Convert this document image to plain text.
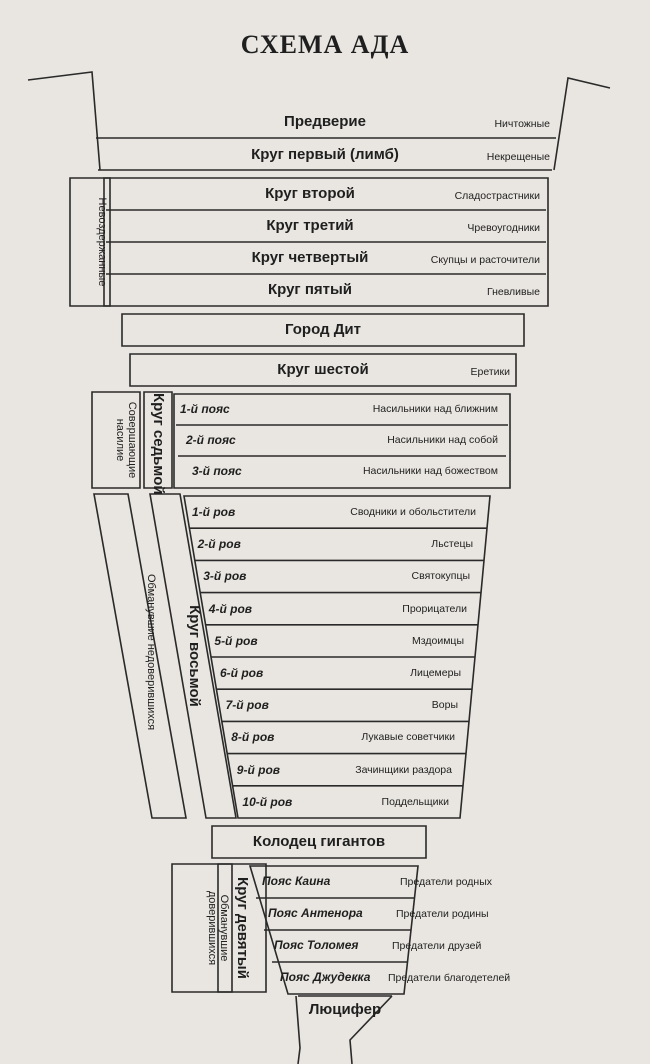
СХЕМА АДА
Предверие	Ничтожные
Круг первый (лимб)	Некрещеные
Невоздержанные
Круг второй	Сладострастники
Круг третий	Чревоугодники
Круг четвертый	Скупцы и расточители
Круг пятый	Гневливые
Город Дит
Круг шестой	Еретики
Совершающие насилие	Круг седьмой	1-й пояс	Насильники над ближним
2-й пояс	Насильники над собой
3-й пояс	Насильники над божеством
Обманувшие недоверившихся	Круг восьмой
1-й ров	Сводники и обольстители
2-й ров	Льстецы
3-й ров	Святокупцы
4-й ров	Прорицатели
5-й ров	Мздоимцы
6-й ров	Лицемеры
7-й ров	Воры
8-й ров	Лукавые советчики
9-й ров	Зачинщики раздора
10-й ров	Поддельщики
Колодец гигантов
Обманувшие доверившихся	Круг девятый Пояс Каина	Предатели родных
Пояс Антенора	Предатели родины
Пояс Толомея	Предатели друзей
Пояс Джудекка	Предатели благодетелей
Люцифер
